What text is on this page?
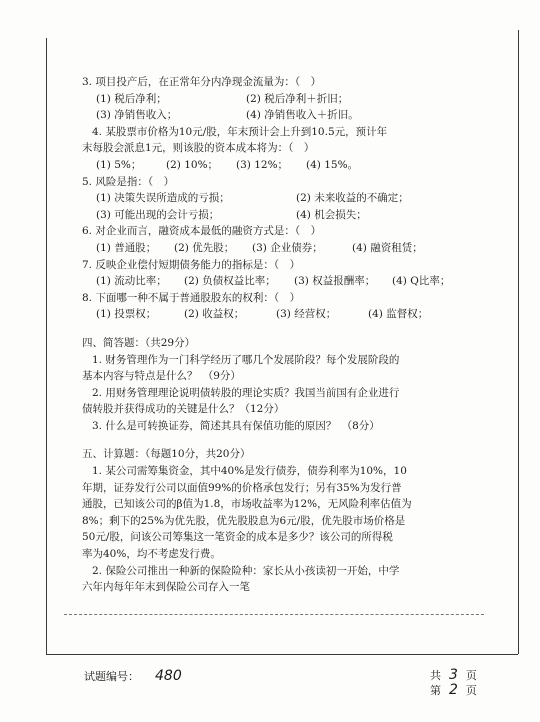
3. 项目投产后，在正常年分内净现金流量为：（　）
(1) 税后净利；	(2) 税后净利＋折旧；
(3) 净销售收入；	(4) 净销售收入＋折旧。
4. 某股票市价格为10元/股，年末预计会上升到10.5元，预计年
末每股会派息1元，则该股的资本成本将为：（　）
(1) 5%；	(2) 10%；	(3) 12%；	(4) 15%。
5. 风险是指：（　）
(1) 决策失误所造成的亏损；	(2) 未来收益的不确定；
(3) 可能出现的会计亏损；	(4) 机会损失；
6. 对企业而言，融资成本最低的融资方式是：（　）
(1) 普通股；	(2) 优先股；	(3) 企业债券；	(4) 融资租赁；
7. 反映企业偿付短期债务能力的指标是：（　）
(1) 流动比率；	(2) 负债权益比率；	(3) 权益报酬率；	(4) Q比率；
8. 下面哪一种不属于普通股股东的权利：（　）
(1) 投票权；	(2) 收益权；	(3) 经营权；	(4) 监督权；
四、简答题：（共29分）
1. 财务管理作为一门科学经历了哪几个发展阶段？每个发展阶段的
基本内容与特点是什么？　（9分）
2. 用财务管理理论说明债转股的理论实质？我国当前国有企业进行
债转股并获得成功的关键是什么？（12分）
3. 什么是可转换证券，简述其具有保值功能的原因？　（8分）
五、计算题：（每题10分，共20分）
1. 某公司需筹集资金，其中40%是发行债券，债券利率为10%，10
年期，证券发行公司以面值99%的价格承包发行；另有35%为发行普
通股，已知该公司的β值为1.8，市场收益率为12%，无风险利率估值为
8%；剩下的25%为优先股，优先股股息为6元/股，优先股市场价格是
50元/股，问该公司筹集这一笔资金的成本是多少？该公司的所得税
率为40%，均不考虑发行费。
2. 保险公司推出一种新的保险险种：家长从小孩读初一开始，中学
六年内每年年末到保险公司存入一笔
试题编号： 480	共 3 页
第 2 页
